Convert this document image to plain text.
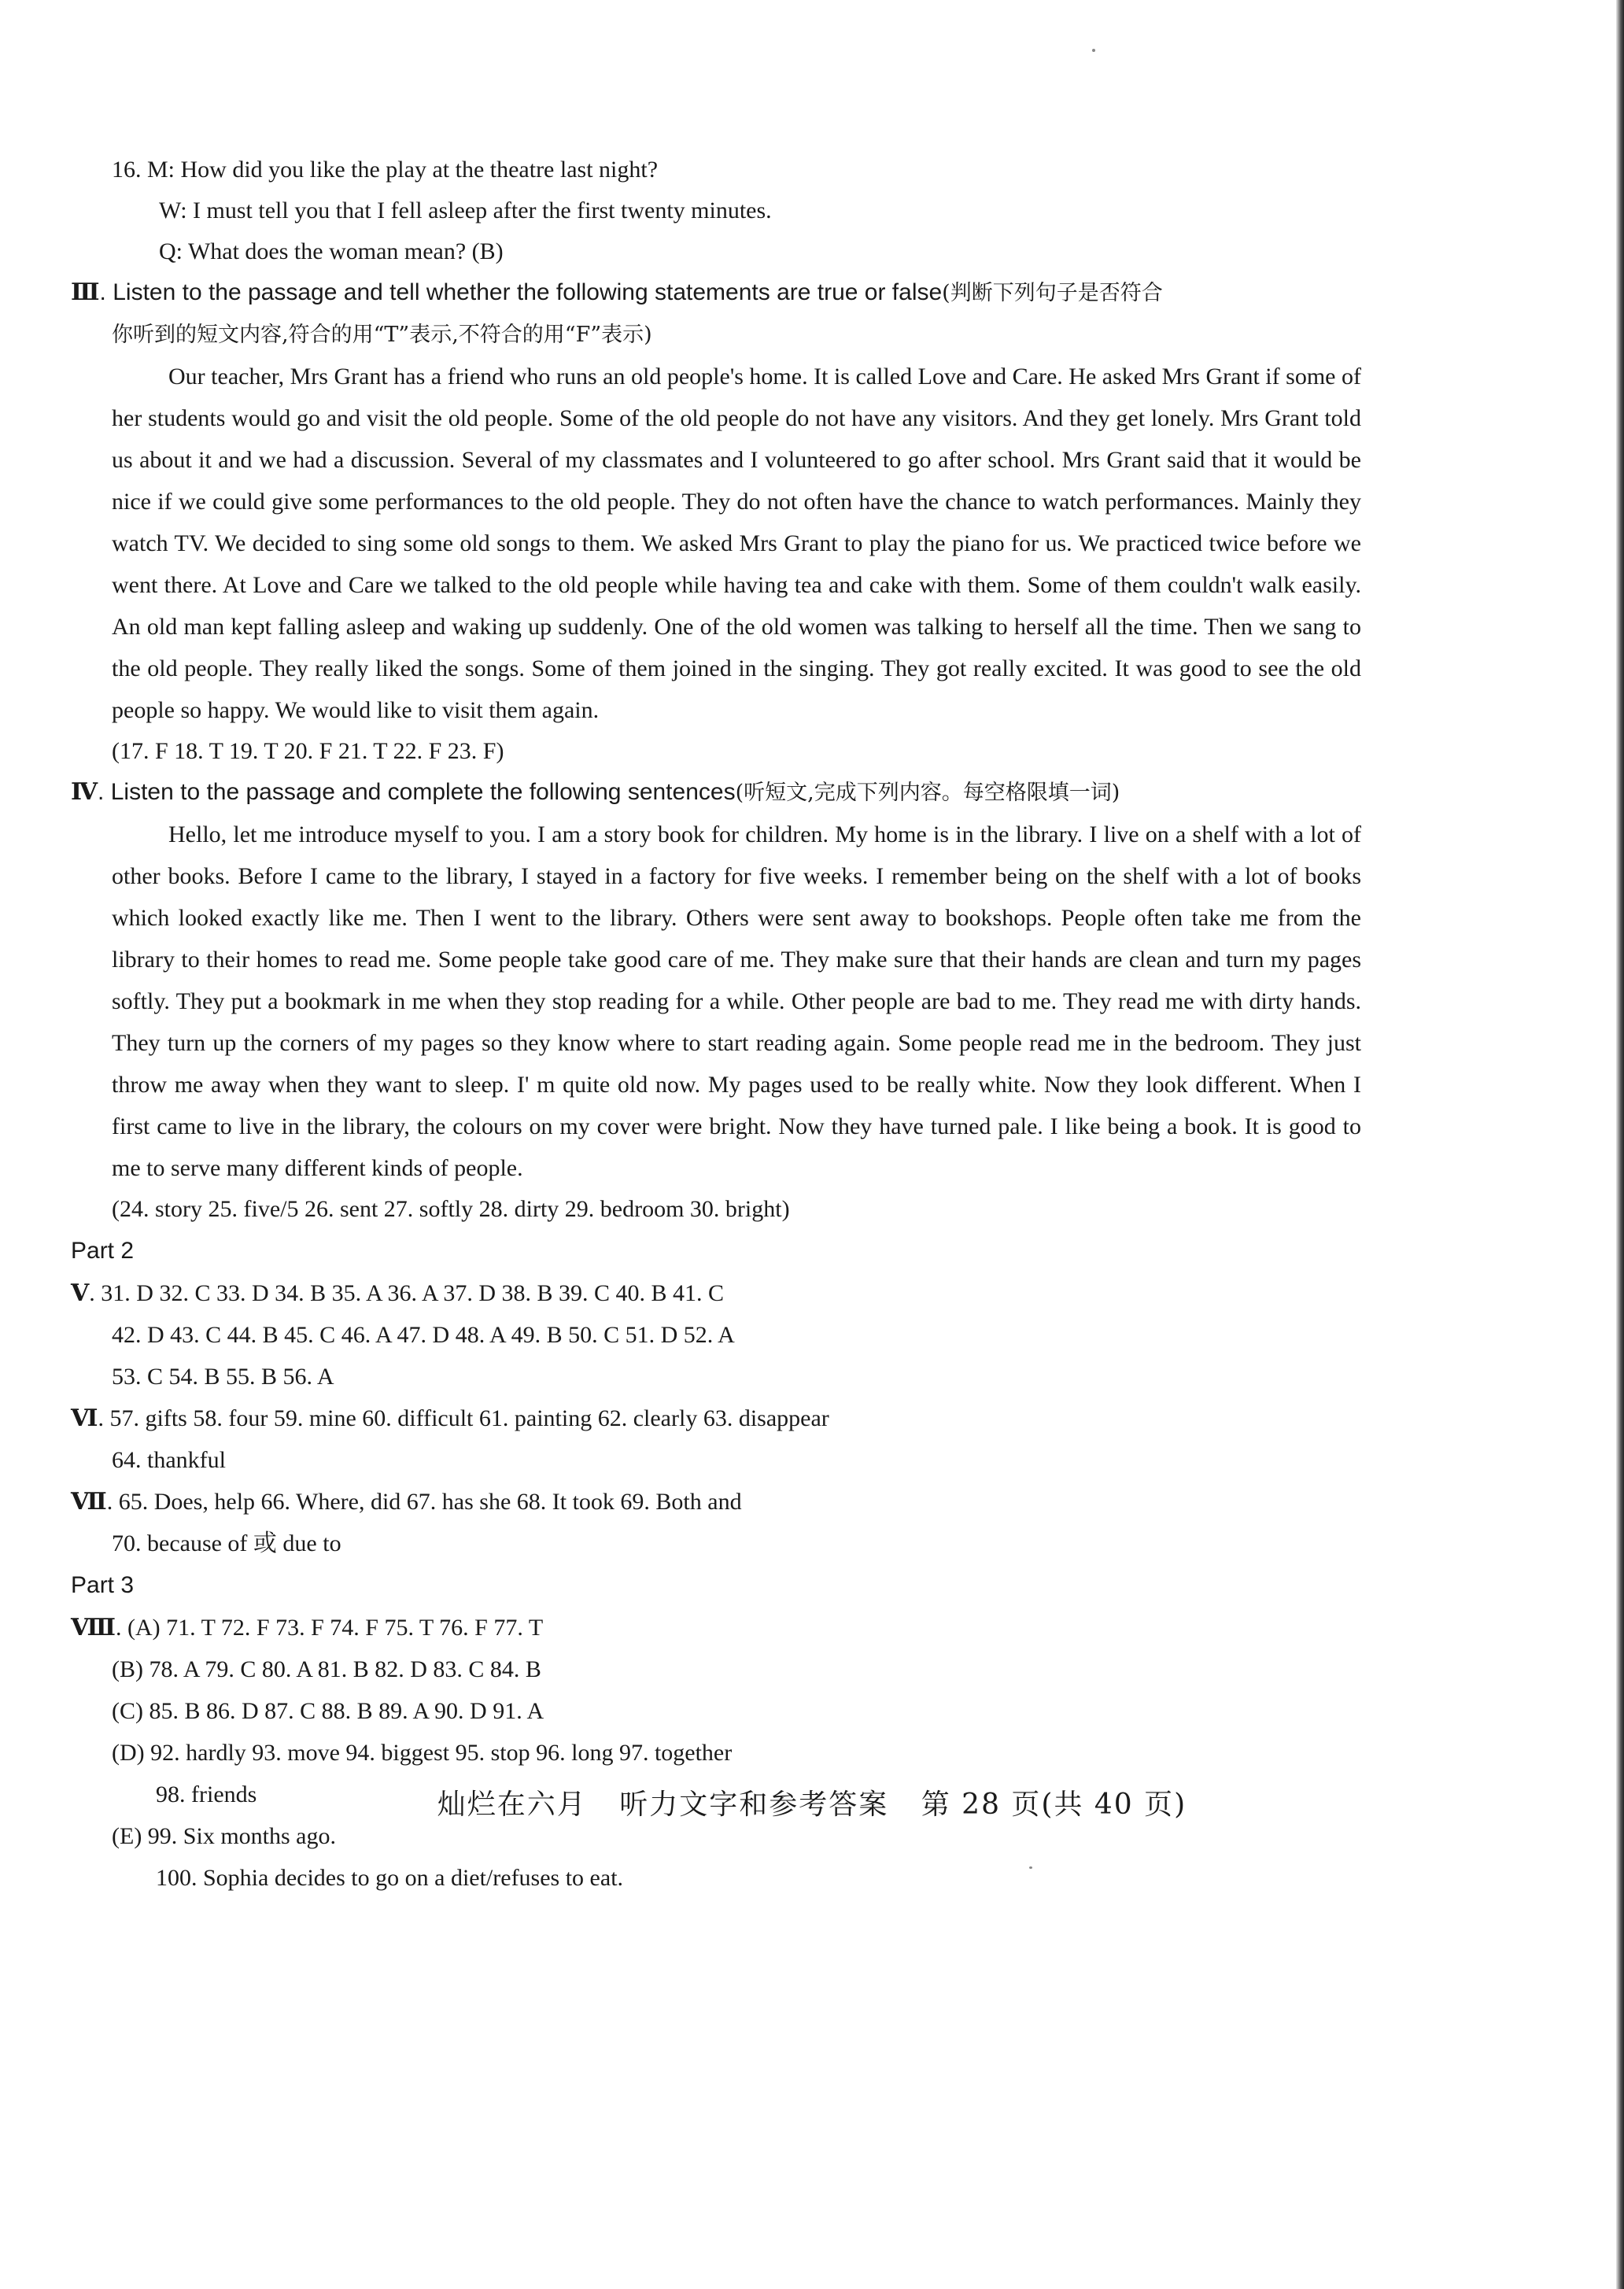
16. M: How did you like the play at the theatre last night?

W: I must tell you that I fell asleep after the first twenty minutes.

Q: What does the woman mean? (B)

Ⅲ. Listen to the passage and tell whether the following statements are true or false(判断下列句子是否符合

你听到的短文内容,符合的用“T”表示,不符合的用“F”表示)

Our teacher, Mrs Grant has a friend who runs an old people's home. It is called Love and Care. He asked Mrs Grant if some of her students would go and visit the old people. Some of the old people do not have any visitors. And they get lonely. Mrs Grant told us about it and we had a discussion. Several of my classmates and I volunteered to go after school. Mrs Grant said that it would be nice if we could give some performances to the old people. They do not often have the chance to watch performances. Mainly they watch TV. We decided to sing some old songs to them. We asked Mrs Grant to play the piano for us. We practiced twice before we went there. At Love and Care we talked to the old people while having tea and cake with them. Some of them couldn't walk easily. An old man kept falling asleep and waking up suddenly. One of the old women was talking to herself all the time. Then we sang to the old people. They really liked the songs. Some of them joined in the singing. They got really excited. It was good to see the old people so happy. We would like to visit them again.

(17. F 18. T 19. T 20. F 21. T 22. F 23. F)

Ⅳ. Listen to the passage and complete the following sentences(听短文,完成下列内容。每空格限填一词)

Hello, let me introduce myself to you. I am a story book for children. My home is in the library. I live on a shelf with a lot of other books. Before I came to the library, I stayed in a factory for five weeks. I remember being on the shelf with a lot of books which looked exactly like me. Then I went to the library. Others were sent away to bookshops. People often take me from the library to their homes to read me. Some people take good care of me. They make sure that their hands are clean and turn my pages softly. They put a bookmark in me when they stop reading for a while. Other people are bad to me. They read me with dirty hands. They turn up the corners of my pages so they know where to start reading again. Some people read me in the bedroom. They just throw me away when they want to sleep. I' m quite old now. My pages used to be really white. Now they look different. When I first came to live in the library, the colours on my cover were bright. Now they have turned pale. I like being a book. It is good to me to serve many different kinds of people.

(24. story 25. five/5 26. sent 27. softly 28. dirty 29. bedroom 30. bright)

Part 2

Ⅴ. 31. D 32. C 33. D 34. B 35. A 36. A 37. D 38. B 39. C 40. B 41. C

42. D 43. C 44. B 45. C 46. A 47. D 48. A 49. B 50. C 51. D 52. A

53. C 54. B 55. B 56. A

Ⅵ. 57. gifts 58. four 59. mine 60. difficult 61. painting 62. clearly 63. disappear

64. thankful

Ⅶ. 65. Does, help 66. Where, did 67. has she 68. It took 69. Both and

70. because of 或 due to

Part 3

Ⅷ. (A) 71. T 72. F 73. F 74. F 75. T 76. F 77. T

(B) 78. A 79. C 80. A 81. B 82. D 83. C 84. B

(C) 85. B 86. D 87. C 88. B 89. A 90. D 91. A

(D) 92. hardly 93. move 94. biggest 95. stop 96. long 97. together

98. friends

(E) 99. Six months ago.

100. Sophia decides to go on a diet/refuses to eat.

灿烂在六月 听力文字和参考答案 第 28 页(共 40 页)
